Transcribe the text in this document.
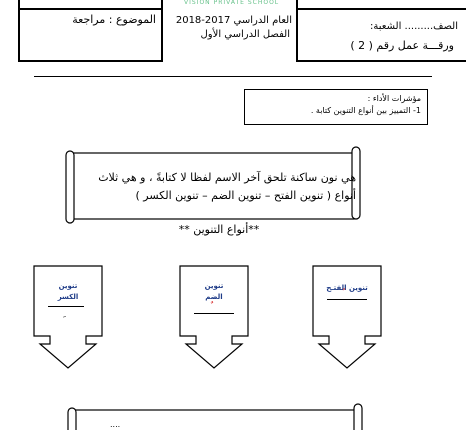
الموضوع : مراجعة
الصف......... الشعبة:
ورقـــة عمل رقم ( 2 )
VISION PRIVATE SCHOOL
العام الدراسي 2017-2018
الفصل الدراسي الأول
مؤشرات الأداء :
1- التمييز بين أنواع التنوين كتابة .
هي نون ساكنة تلحق آخر الاسم لفظا لا كتابةً ، و هي ثلاث
أنواع ( تنوين الفتح – تنوين الضم – تنوين الكسر )
**أنواع التنوين **
تنوين
الكسر
تنوين
الضم
تنوين الفتـح
....
